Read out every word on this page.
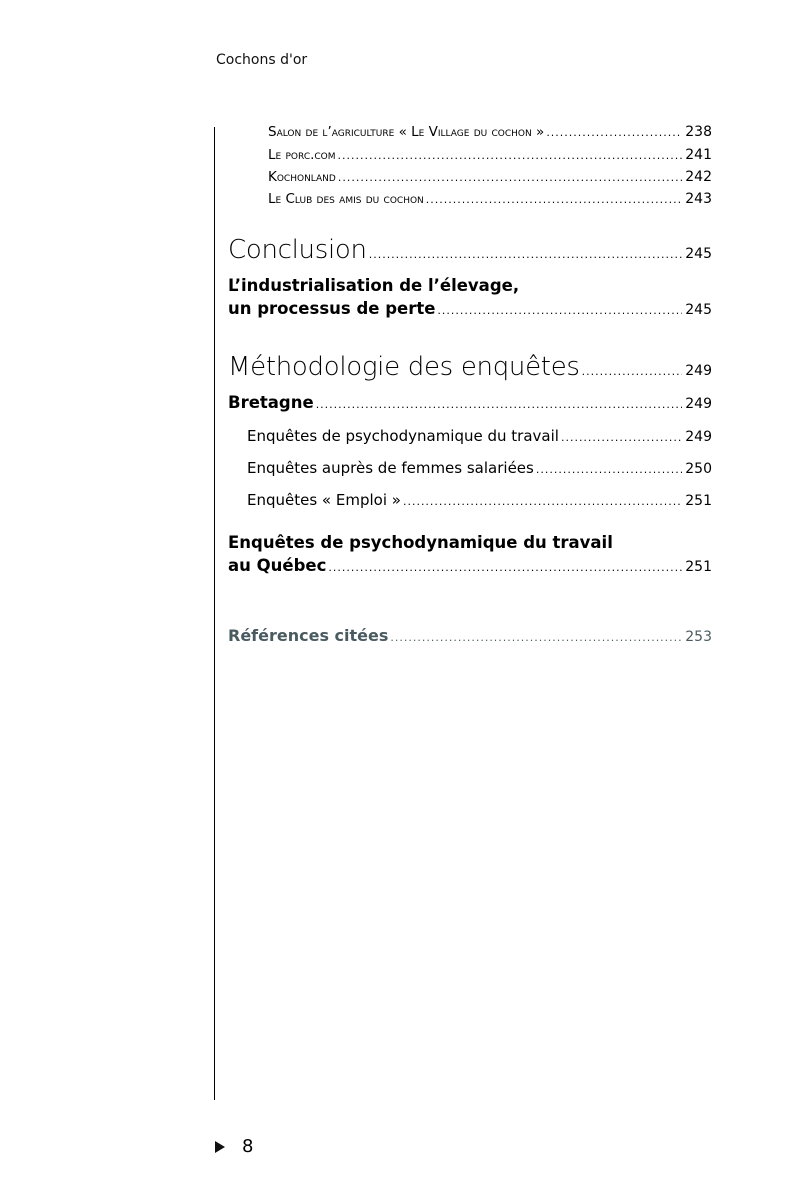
Cochons d'or
Salon de l’agriculture « Le Village du cochon » .....	238
Le porc.com .....	241
Kochonland .....	242
Le Club des amis du cochon .....	243
Conclusion .....	245
L’industrialisation de l’élevage,
un processus de perte .....	245
Méthodologie des enquêtes .....	249
Bretagne .....	249
Enquêtes de psychodynamique du travail .....	249
Enquêtes auprès de femmes salariées .....	250
Enquêtes « Emploi » .....	251
Enquêtes de psychodynamique du travail
au Québec .....	251
Références citées .....	253
8
